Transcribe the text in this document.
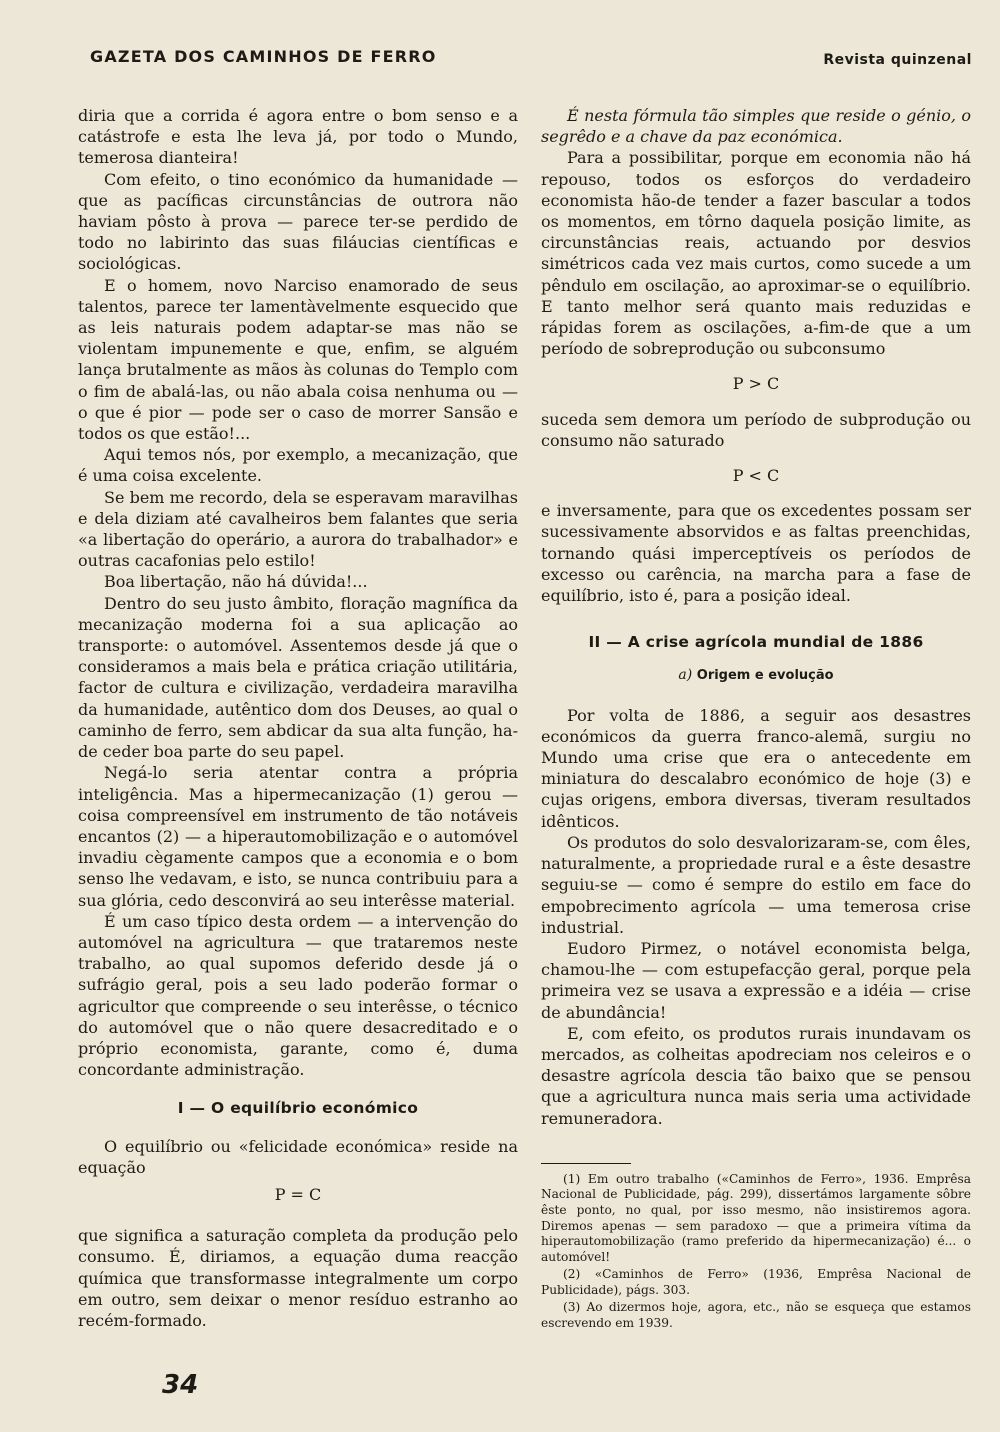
GAZETA DOS CAMINHOS DE FERRO	Revista quinzenal

diria que a corrida é agora entre o bom senso e a catástrofe e esta lhe leva já, por todo o Mundo, temerosa dianteira!

Com efeito, o tino económico da humanidade — que as pacíficas circunstâncias de outrora não haviam pôsto à prova — parece ter-se perdido de todo no labirinto das suas filáucias científicas e sociológicas.

E o homem, novo Narciso enamorado de seus talentos, parece ter lamentàvelmente esquecido que as leis naturais podem adaptar-se mas não se violentam impunemente e que, enfim, se alguém lança brutalmente as mãos às colunas do Templo com o fim de abalá-las, ou não abala coisa nenhuma ou — o que é pior — pode ser o caso de morrer Sansão e todos os que estão!...

Aqui temos nós, por exemplo, a mecanização, que é uma coisa excelente.

Se bem me recordo, dela se esperavam maravilhas e dela diziam até cavalheiros bem falantes que seria «a libertação do operário, a aurora do trabalhador» e outras cacafonias pelo estilo!

Boa libertação, não há dúvida!...

Dentro do seu justo âmbito, floração magnífica da mecanização moderna foi a sua aplicação ao transporte: o automóvel. Assentemos desde já que o consideramos a mais bela e prática criação utilitária, factor de cultura e civilização, verdadeira maravilha da humanidade, autêntico dom dos Deuses, ao qual o caminho de ferro, sem abdicar da sua alta função, ha-de ceder boa parte do seu papel.

Negá-lo seria atentar contra a própria inteligência. Mas a hipermecanização (1) gerou — coisa compreensível em instrumento de tão notáveis encantos (2) — a hiperautomobilização e o automóvel invadiu cègamente campos que a economia e o bom senso lhe vedavam, e isto, se nunca contribuiu para a sua glória, cedo desconvirá ao seu interêsse material.

É um caso típico desta ordem — a intervenção do automóvel na agricultura — que trataremos neste trabalho, ao qual supomos deferido desde já o sufrágio geral, pois a seu lado poderão formar o agricultor que compreende o seu interêsse, o técnico do automóvel que o não quere desacreditado e o próprio economista, garante, como é, duma concordante administração.

I — O equilíbrio económico

O equilíbrio ou «felicidade económica» reside na equação

P = C

que significa a saturação completa da produção pelo consumo. É, diriamos, a equação duma reacção química que transformasse integralmente um corpo em outro, sem deixar o menor resíduo estranho ao recém-formado.

É nesta fórmula tão simples que reside o génio, o segrêdo e a chave da paz económica.

Para a possibilitar, porque em economia não há repouso, todos os esforços do verdadeiro economista hão-de tender a fazer bascular a todos os momentos, em tôrno daquela posição limite, as circunstâncias reais, actuando por desvios simétricos cada vez mais curtos, como sucede a um pêndulo em oscilação, ao aproximar-se o equilíbrio. E tanto melhor será quanto mais reduzidas e rápidas forem as oscilações, a-fim-de que a um período de sobreprodução ou subconsumo

P > C

suceda sem demora um período de subprodução ou consumo não saturado

P < C

e inversamente, para que os excedentes possam ser sucessivamente absorvidos e as faltas preenchidas, tornando quási imperceptíveis os períodos de excesso ou carência, na marcha para a fase de equilíbrio, isto é, para a posição ideal.

II — A crise agrícola mundial de 1886
a) Origem e evolução

Por volta de 1886, a seguir aos desastres económicos da guerra franco-alemã, surgiu no Mundo uma crise que era o antecedente em miniatura do descalabro económico de hoje (3) e cujas origens, embora diversas, tiveram resultados idênticos.

Os produtos do solo desvalorizaram-se, com êles, naturalmente, a propriedade rural e a êste desastre seguiu-se — como é sempre do estilo em face do empobrecimento agrícola — uma temerosa crise industrial.

Eudoro Pirmez, o notável economista belga, chamou-lhe — com estupefacção geral, porque pela primeira vez se usava a expressão e a idéia — crise de abundância!

E, com efeito, os produtos rurais inundavam os mercados, as colheitas apodreciam nos celeiros e o desastre agrícola descia tão baixo que se pensou que a agricultura nunca mais seria uma actividade remuneradora.

(1) Em outro trabalho («Caminhos de Ferro», 1936. Emprêsa Nacional de Publicidade, pág. 299), dissertámos largamente sôbre êste ponto, no qual, por isso mesmo, não insistiremos agora. Diremos apenas — sem paradoxo — que a primeira vítima da hiperautomobilização (ramo preferido da hipermecanização) é... o automóvel!

(2) «Caminhos de Ferro» (1936, Emprêsa Nacional de Publicidade), págs. 303.

(3) Ao dizermos hoje, agora, etc., não se esqueça que estamos escrevendo em 1939.

34
